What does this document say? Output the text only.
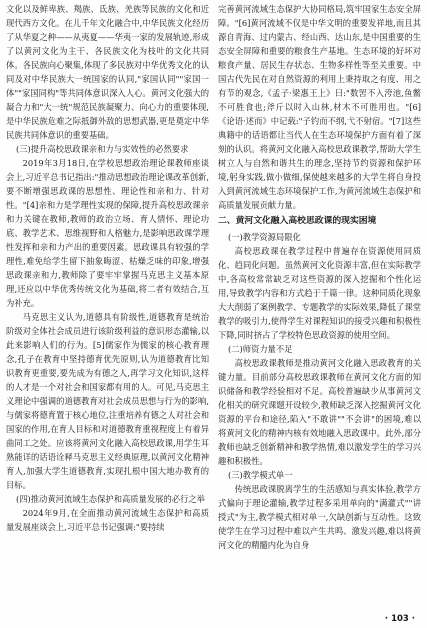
文化以及鲜卑族、羯族、氐族、羌族等民族的文化和近现代西方文化。在儿千年文化融合中,中华民族文化经历了从华夏之种——从夷夏——华夷一家的发展轨迹,形成了以黄河文化为主干、各民族文化为枝叶的文化共同体。各民族向心聚集,体现了多民族对中华优秀文化的认同及对中华民族大一统国家的认同,"家国认同""家国一体""家国同构"等共同体意识深入人心。黄河文化强大的凝合力和"大一统"规范民族凝聚力、向心力的重要体现,是中华民族危难之际抵御外敌的思想武器,更是奠定中华民族共同体意识的重要基础。

(三)提升高校思政课亲和力与实效性的必然要求

2019年3月18日,在学校思想政治理论课教师座谈会上,习近平总书记指出:"推动思想政治理论课改革创新,要不断增强思政课的思想性、理论性和亲和力、针对性。"[4]亲和力是学理性实现的保障,提升高校思政课亲和力关键在教师,教师的政治立场、育人情怀、理论功底、教学艺术、思维视野和人格魅力,是影响思政课学理性发挥和亲和力产出的重要因素。思政课具有较强的学理性,难免给学生留下抽象晦涩、枯燥乏味的印象,增强思政课亲和力,教师除了要牢牢掌握马克思主义基本原理,还应以中华优秀传统文化为基础,将二者有效结合,互为补充。

马克思主义认为,道德具有阶级性,道德教育是统治阶级对全体社会成员进行该阶级利益的意识形态灌输,以此来影响人们的行为。[5]儒家作为儒家的核心教育理念,孔子在教育中坚持德育优先原则,认为道德教育比知识教育更重要,要先成为有德之人,再学习文化知识,这样的人才是一个对社会和国家都有用的人。可见,马克思主义理论中强调的道德教育对社会成员思想与行为的影响,与儒家将德育置于核心地位,注重培养有德之人对社会和国家的作用,在育人目标和对道德教育重视程度上有着异曲同工之处。应该将黄河文化融入高校思政课,用学生耳熟能详的话语诠释马克思主义经典原理,以黄河文化精神育人,加强大学生道德教育,实现扎根中国大地办教育的目标。

(四)推动黄河流域生态保护和高质量发展的必行之举

2024年9月,在全面推动黄河流域生态保护和高质量发展座谈会上,习近平总书记强调:"要持续

完善黄河流域生态保护大协同格局,筑牢国家生态安全屏障。"[6]黄河流域不仅是中华文明的重要发祥地,而且其源自青海、过内蒙古、经山西、达山东,是中国重要的生态安全屏障和重要的粮食生产基地。生态环境的好坏对粮食产量、居民生存状态、生物多样性等至关重要。中国古代先民在对自然资源的利用上秉持取之有度、用之有节的观念,《孟子·梁惠王上》曰:"数罟不入洿池,鱼鳖不可胜食也;斧斤以时入山林,材木不可胜用也。"[6]《论语·述而》中记载:"子钓而不纲,弋不射宿。"[7]这些典籍中的话语都让当代人在生态环境保护方面有着了深刻的认识。将黄河文化融入高校思政课教学,帮助大学生树立人与自然和谐共生的理念,坚持节约资源和保护环境,躬身实践,做小做细,保使越来越多的大学生将自身投入到黄河流域生态环境保护工作,为黄河流域生态保护和高质量发展贡献力量。

二、黄河文化融入高校思政课的现实困境

(一)教学资源局限化

高校思政课在教学过程中普遍存在资源使用同质化、趋同化问题。虽然黄河文化资源丰富,但在实际教学中,各高校常常缺乏对这些资源的深入挖掘和个性化运用,导致教学内容和方式趋于千篇一律。这种同质化现象大大削弱了案例教学、专题教学的实际效果,降低了课堂教学的吸引力,使得学生对课程知识的接受兴趣和积极性下降,同时挤占了学校特色思政资源的使用空间。

(二)师资力量不足

高校思政课教师是推动黄河文化融入思政教育的关键力量。目前部分高校思政课教师在黄河文化方面的知识储备和教学经验相对不足。高校普遍缺少从事黄河文化相关的研究课题开设较少,教师缺乏深入挖掘黄河文化资源的平台和途径,陷入"不敢讲""不会讲"的困境,难以将黄河文化的精神内核有效地融入思政课中。此外,部分教师也缺乏创新精神和教学热情,难以激发学生的学习兴趣和积极性。

(三)教学模式单一

传统思政课脱离学生的生活感知与真实体验,教学方式偏向于理论灌输,教学过程多采用单向的"满灌式""讲授式"为主,教学模式相对单一,欠缺创新与互动性。这致使学生在学习过程中难以产生共鸣、激发兴趣,难以将黄河文化的精髓内化为自身

· 103 ·
